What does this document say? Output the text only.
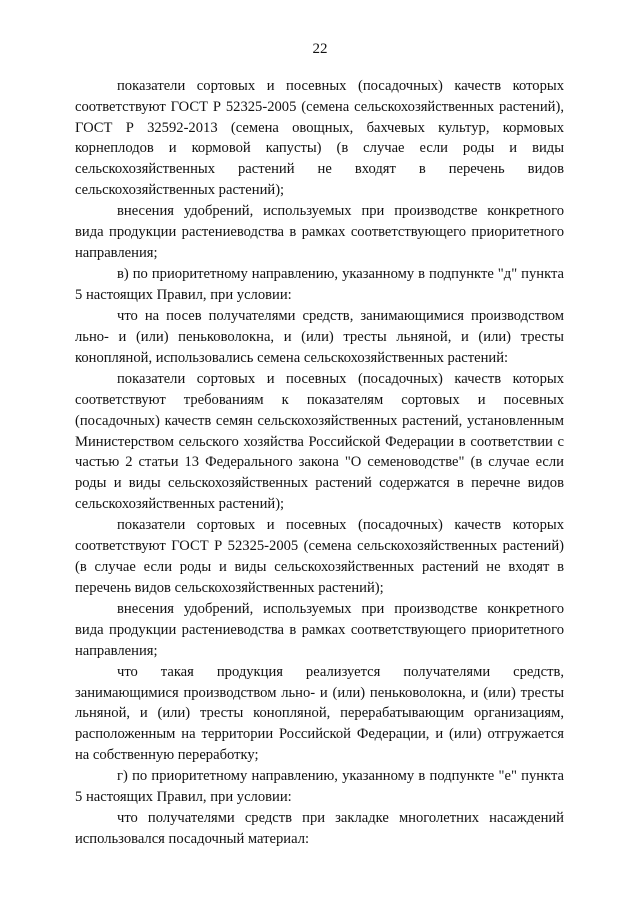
22

показатели сортовых и посевных (посадочных) качеств которых соответствуют ГОСТ Р 52325-2005 (семена сельскохозяйственных растений), ГОСТ Р 32592-2013 (семена овощных, бахчевых культур, кормовых корнеплодов и кормовой капусты) (в случае если роды и виды сельскохозяйственных растений не входят в перечень видов сельскохозяйственных растений);

внесения удобрений, используемых при производстве конкретного вида продукции растениеводства в рамках соответствующего приоритетного направления;

в) по приоритетному направлению, указанному в подпункте "д" пункта 5 настоящих Правил, при условии:

что на посев получателями средств, занимающимися производством льно- и (или) пеньковолокна, и (или) тресты льняной, и (или) тресты конопляной, использовались семена сельскохозяйственных растений:

показатели сортовых и посевных (посадочных) качеств которых соответствуют требованиям к показателям сортовых и посевных (посадочных) качеств семян сельскохозяйственных растений, установленным Министерством сельского хозяйства Российской Федерации в соответствии с частью 2 статьи 13 Федерального закона "О семеноводстве" (в случае если роды и виды сельскохозяйственных растений содержатся в перечне видов сельскохозяйственных растений);

показатели сортовых и посевных (посадочных) качеств которых соответствуют ГОСТ Р 52325-2005 (семена сельскохозяйственных растений) (в случае если роды и виды сельскохозяйственных растений не входят в перечень видов сельскохозяйственных растений);

внесения удобрений, используемых при производстве конкретного вида продукции растениеводства в рамках соответствующего приоритетного направления;

что такая продукция реализуется получателями средств, занимающимися производством льно- и (или) пеньковолокна, и (или) тресты льняной, и (или) тресты конопляной, перерабатывающим организациям, расположенным на территории Российской Федерации, и (или) отгружается на собственную переработку;

г) по приоритетному направлению, указанному в подпункте "е" пункта 5 настоящих Правил, при условии:

что получателями средств при закладке многолетних насаждений использовался посадочный материал:
